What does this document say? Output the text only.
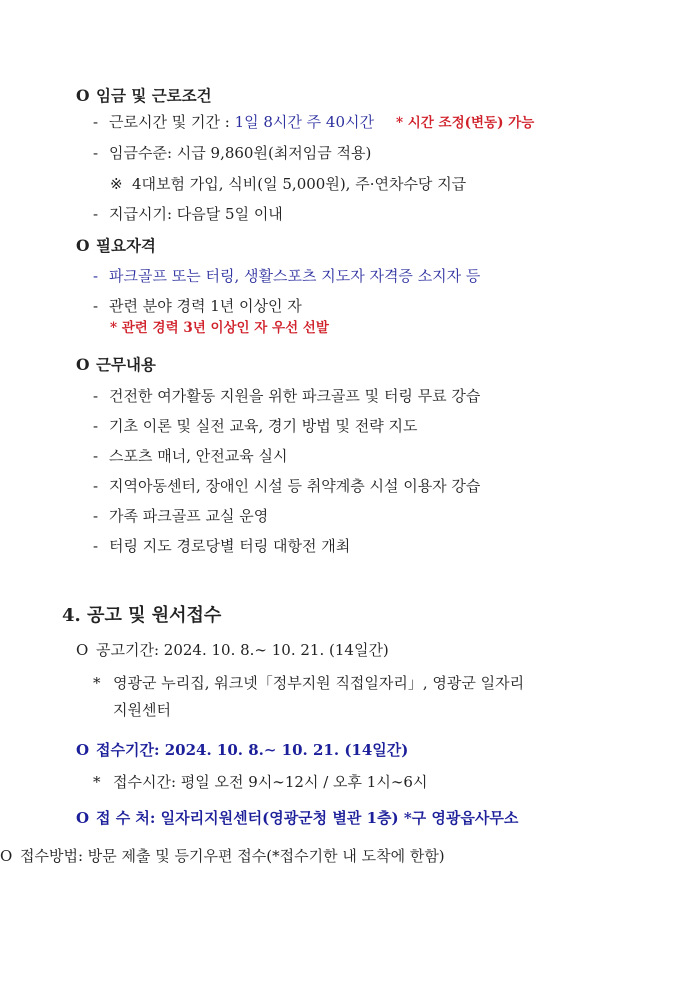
O 임금 및 근로조건
- 근로시간 및 기간 : 1일 8시간 주 40시간 * 시간 조정(변동) 가능
- 임금수준: 시급 9,860원(최저임금 적용)
※ 4대보험 가입, 식비(일 5,000원), 주·연차수당 지급
- 지급시기: 다음달 5일 이내
O 필요자격
- 파크골프 또는 터링, 생활스포츠 지도자 자격증 소지자 등
- 관련 분야 경력 1년 이상인 자
* 관련 경력 3년 이상인 자 우선 선발
O 근무내용
- 건전한 여가활동 지원을 위한 파크골프 및 터링 무료 강습
- 기초 이론 및 실전 교육, 경기 방법 및 전략 지도
- 스포츠 매너, 안전교육 실시
- 지역아동센터, 장애인 시설 등 취약계층 시설 이용자 강습
- 가족 파크골프 교실 운영
- 터링 지도 경로당별 터링 대항전 개최
4. 공고 및 원서접수
O 공고기간: 2024. 10. 8.∼ 10. 21. (14일간)
* 영광군 누리집, 워크넷「정부지원 직접일자리」, 영광군 일자리
지원센터
O 접수기간: 2024. 10. 8.∼ 10. 21. (14일간)
* 접수시간: 평일 오전 9시∼12시 / 오후 1시∼6시
O 접 수 처: 일자리지원센터(영광군청 별관 1층) *구 영광읍사무소
O 접수방법: 방문 제출 및 등기우편 접수(*접수기한 내 도착에 한함)
